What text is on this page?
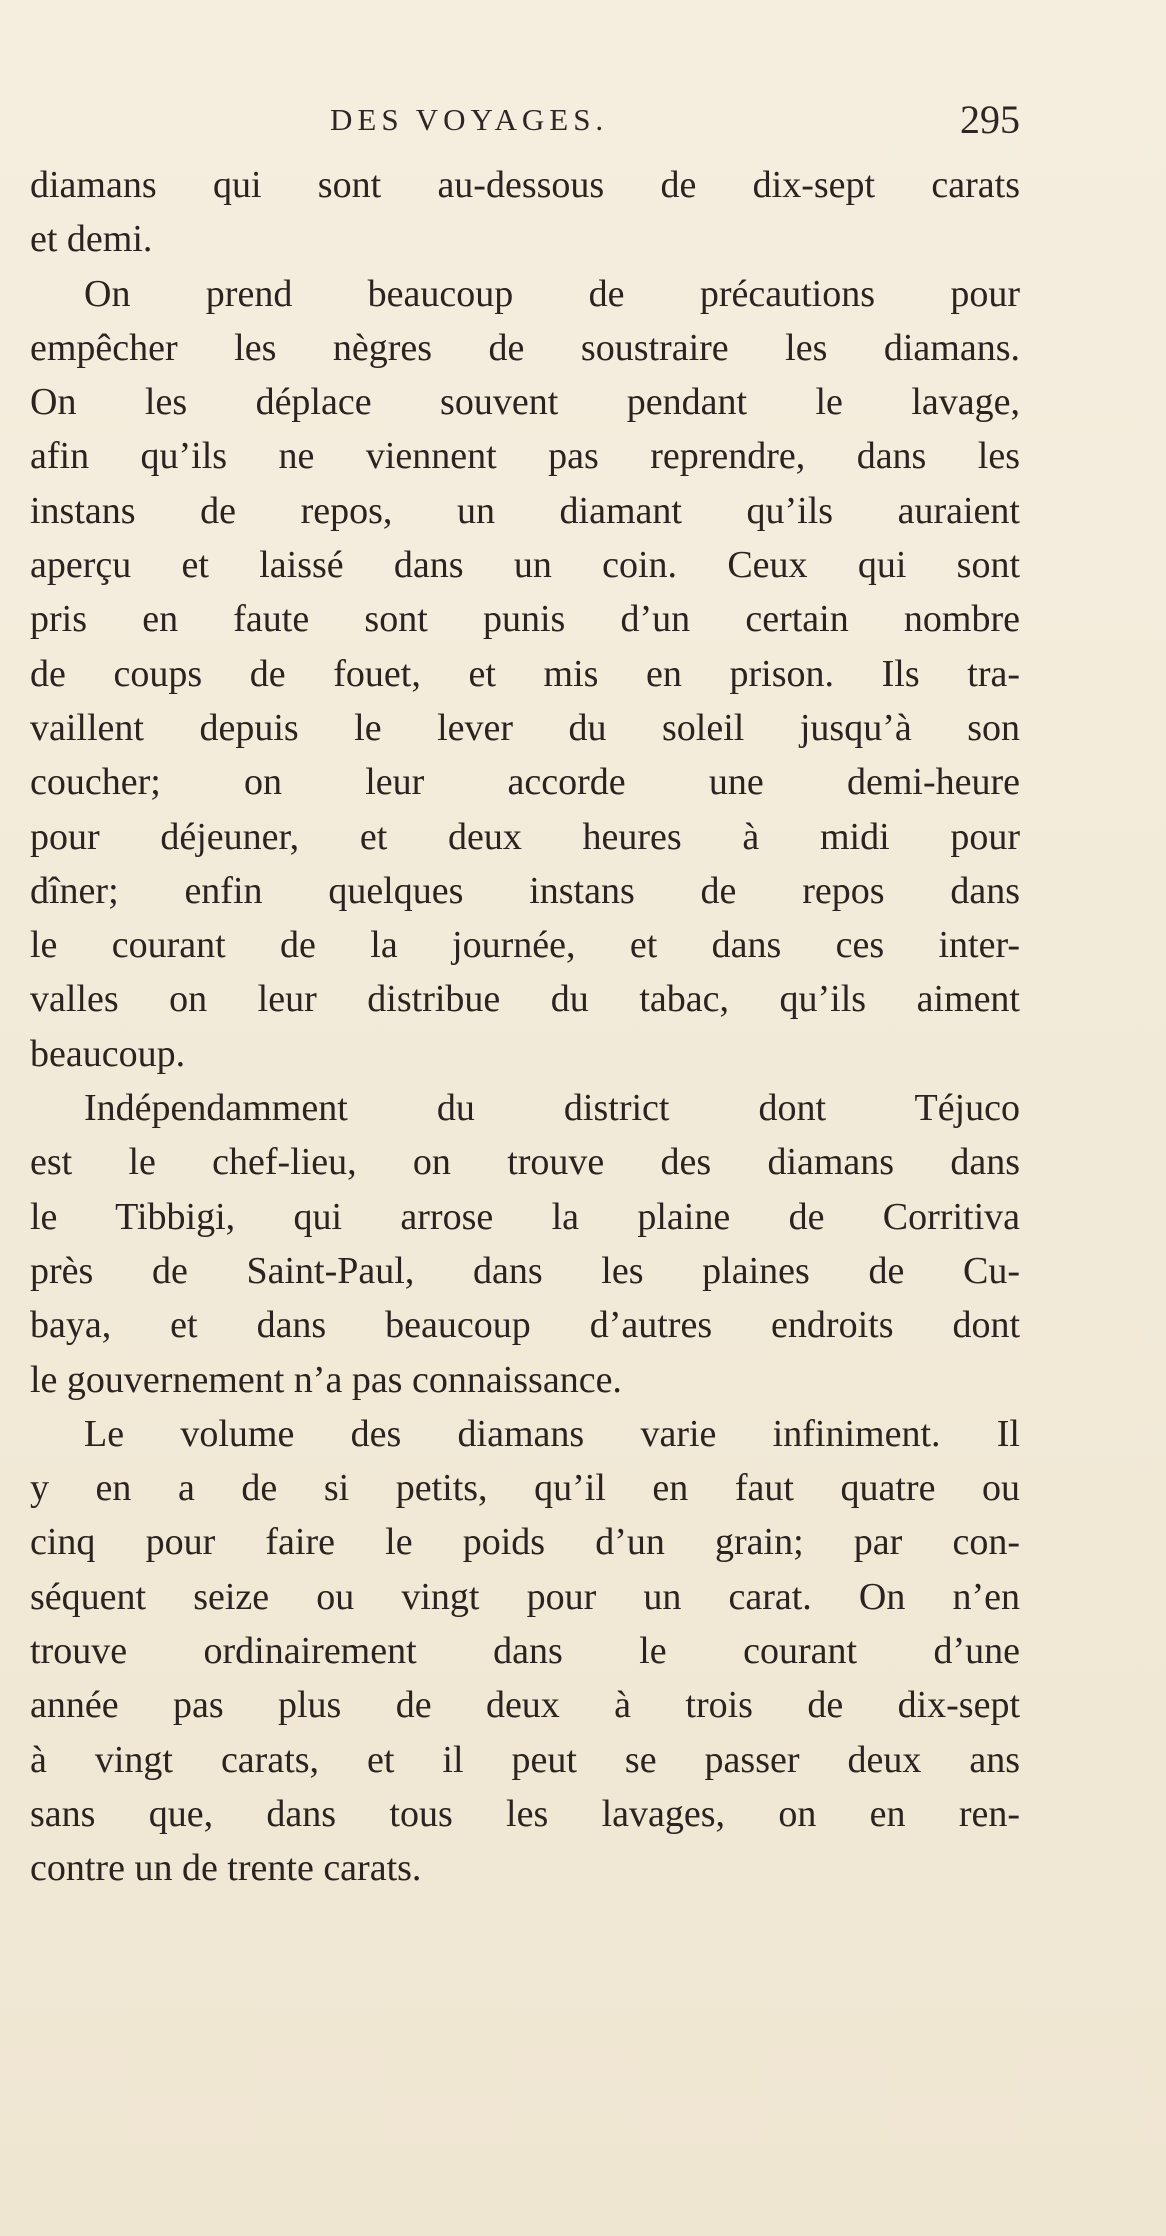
DES VOYAGES.	295
diamans qui sont au-dessous de dix-sept carats
et demi.
On prend beaucoup de précautions pour
empêcher les nègres de soustraire les diamans.
On les déplace souvent pendant le lavage,
afin qu’ils ne viennent pas reprendre, dans les
instans de repos, un diamant qu’ils auraient
aperçu et laissé dans un coin. Ceux qui sont
pris en faute sont punis d’un certain nombre
de coups de fouet, et mis en prison. Ils tra-
vaillent depuis le lever du soleil jusqu’à son
coucher; on leur accorde une demi-heure
pour déjeuner, et deux heures à midi pour
dîner; enfin quelques instans de repos dans
le courant de la journée, et dans ces inter-
valles on leur distribue du tabac, qu’ils aiment
beaucoup.
Indépendamment du district dont Téjuco
est le chef-lieu, on trouve des diamans dans
le Tibbigi, qui arrose la plaine de Corritiva
près de Saint-Paul, dans les plaines de Cu-
baya, et dans beaucoup d’autres endroits dont
le gouvernement n’a pas connaissance.
Le volume des diamans varie infiniment. Il
y en a de si petits, qu’il en faut quatre ou
cinq pour faire le poids d’un grain; par con-
séquent seize ou vingt pour un carat. On n’en
trouve ordinairement dans le courant d’une
année pas plus de deux à trois de dix-sept
à vingt carats, et il peut se passer deux ans
sans que, dans tous les lavages, on en ren-
contre un de trente carats.
